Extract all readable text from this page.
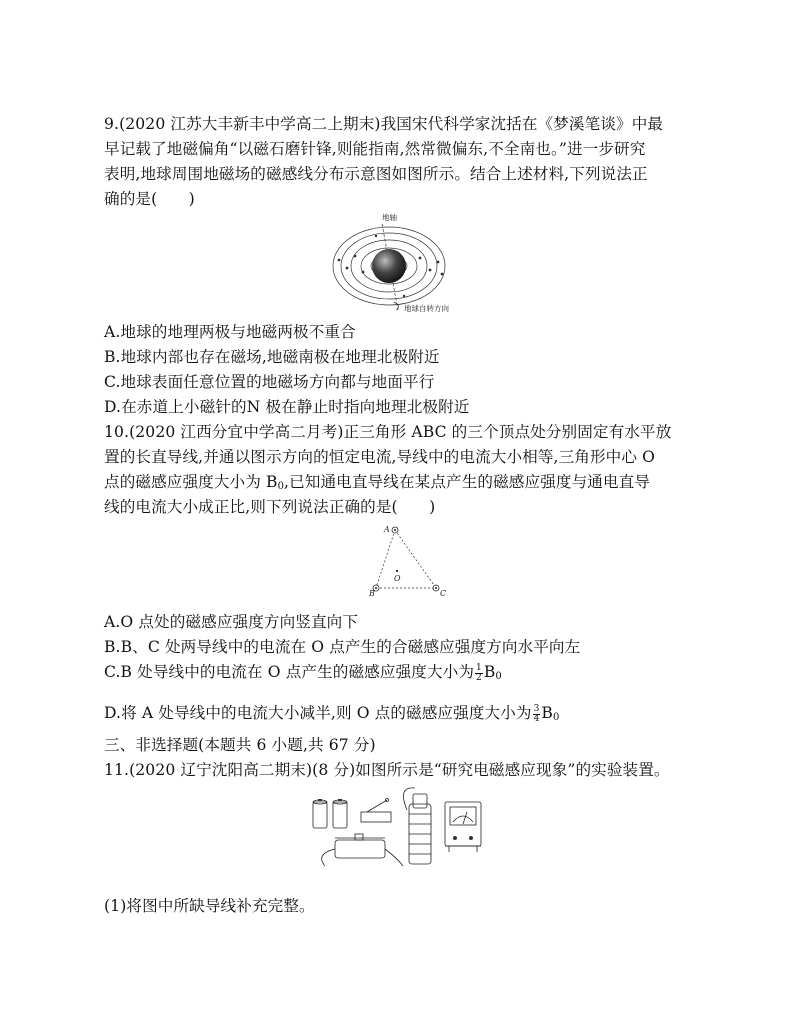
9.(2020 江苏大丰新丰中学高二上期末)我国宋代科学家沈括在《梦溪笔谈》中最
早记载了地磁偏角“以磁石磨针锋,则能指南,然常微偏东,不全南也。”进一步研究
表明,地球周围地磁场的磁感线分布示意图如图所示。结合上述材料,下列说法正
确的是(　　)
地轴
地球自转方向
A.地球的地理两极与地磁两极不重合
B.地球内部也存在磁场,地磁南极在地理北极附近
C.地球表面任意位置的地磁场方向都与地面平行
D.在赤道上小磁针的N 极在静止时指向地理北极附近
10.(2020 江西分宜中学高二月考)正三角形 ABC 的三个顶点处分别固定有水平放
置的长直导线,并通以图示方向的恒定电流,导线中的电流大小相等,三角形中心 O
点的磁感应强度大小为 $B_0$,已知通电直导线在某点产生的磁感应强度与通电直导
线的电流大小成正比,则下列说法正确的是(　　)
A
B	C
O
A.O 点处的磁感应强度方向竖直向下
B.B、C 处两导线中的电流在 O 点产生的合磁感应强度方向水平向左
C.B 处导线中的电流在 O 点产生的磁感应强度大小为 $\frac{1}{2} B_0$
D.将 A 处导线中的电流大小减半,则 O 点的磁感应强度大小为 $\frac{3}{4} B_0$
三、非选择题(本题共 6 小题,共 67 分)
11.(2020 辽宁沈阳高二期末)(8 分)如图所示是“研究电磁感应现象”的实验装置。
(1)将图中所缺导线补充完整。
